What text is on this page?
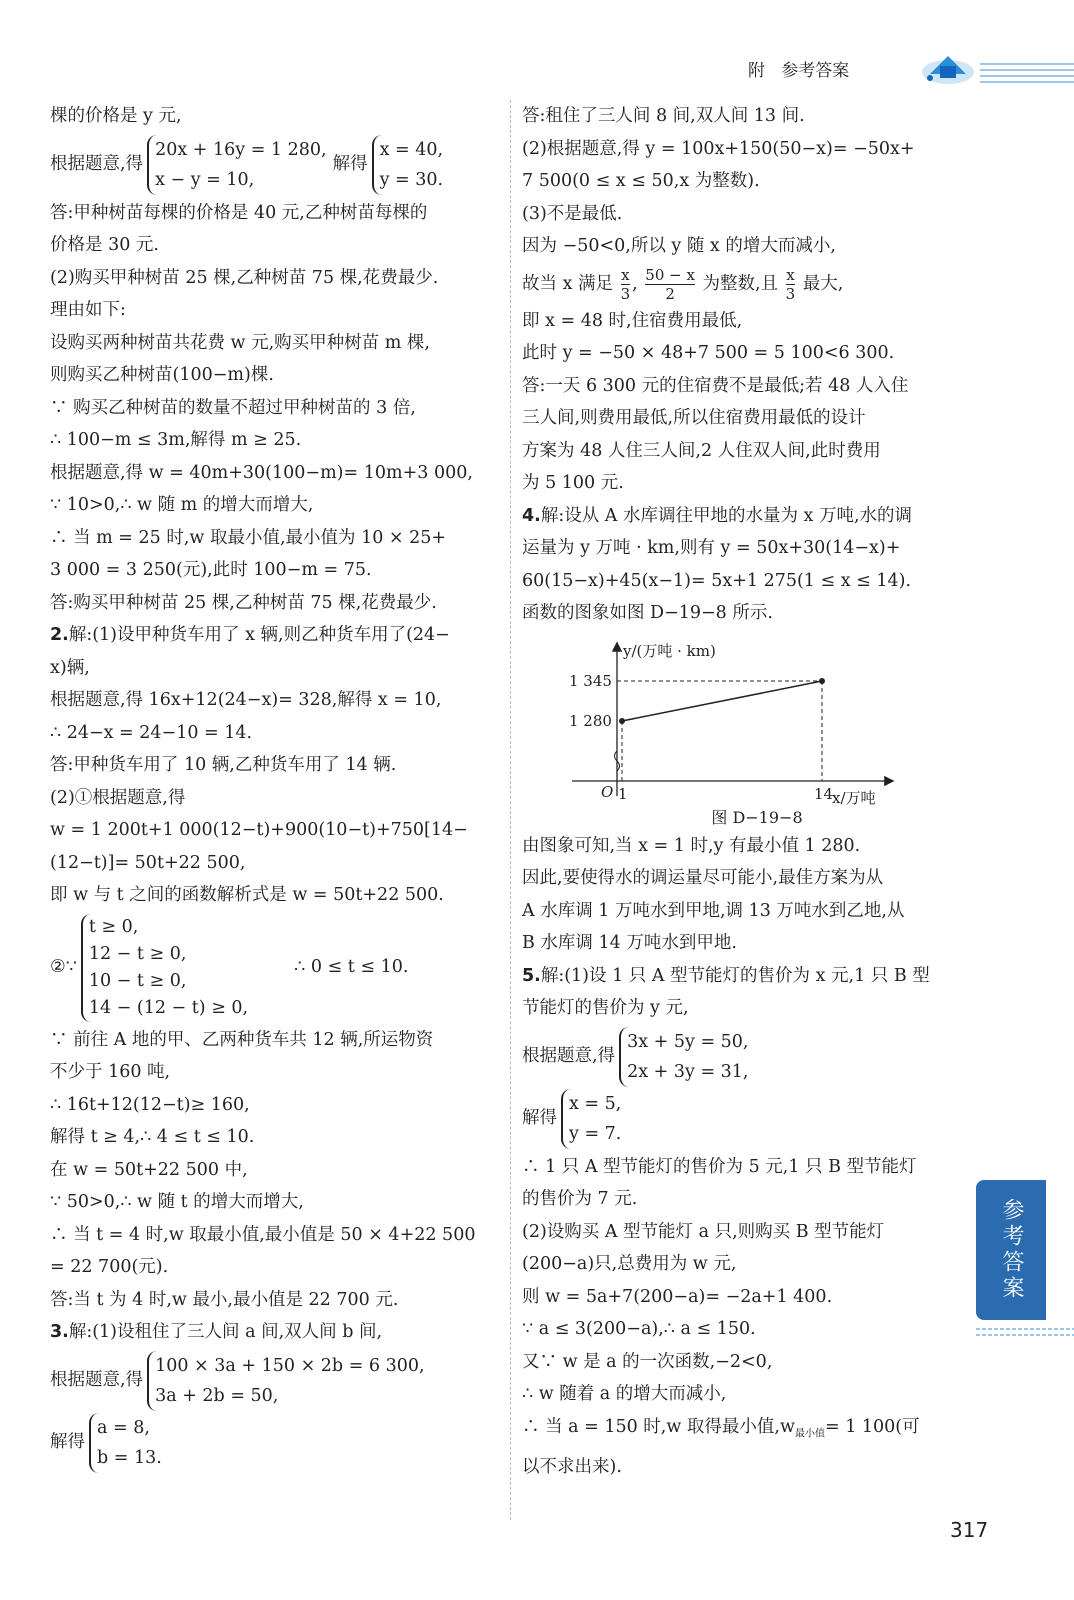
附   参考答案
棵的价格是 y 元,
根据题意,得
20x + 16y = 1 280,
x − y = 10,
解得
x = 40,
y = 30.
答:甲种树苗每棵的价格是 40 元,乙种树苗每棵的
价格是 30 元.
(2)购买甲种树苗 25 棵,乙种树苗 75 棵,花费最少.
理由如下:
设购买两种树苗共花费 w 元,购买甲种树苗 m 棵,
则购买乙种树苗(100−m)棵.
∵ 购买乙种树苗的数量不超过甲种树苗的 3 倍,
∴ 100−m ≤ 3m,解得 m ≥ 25.
根据题意,得 w = 40m+30(100−m)= 10m+3 000,
∵ 10>0,∴ w 随 m 的增大而增大,
∴ 当 m = 25 时,w 取最小值,最小值为 10 × 25+
3 000 = 3 250(元),此时 100−m = 75.
答:购买甲种树苗 25 棵,乙种树苗 75 棵,花费最少.
2.解:(1)设甲种货车用了 x 辆,则乙种货车用了(24−
x)辆,
根据题意,得 16x+12(24−x)= 328,解得 x = 10,
∴ 24−x = 24−10 = 14.
答:甲种货车用了 10 辆,乙种货车用了 14 辆.
(2)①根据题意,得
w = 1 200t+1 000(12−t)+900(10−t)+750[14−
(12−t)]= 50t+22 500,
即 w 与 t 之间的函数解析式是 w = 50t+22 500.
②∵
t ≥ 0,
12 − t ≥ 0,
10 − t ≥ 0,
14 − (12 − t) ≥ 0,
∴ 0 ≤ t ≤ 10.
∵ 前往 A 地的甲、乙两种货车共 12 辆,所运物资
不少于 160 吨,
∴ 16t+12(12−t)≥ 160,
解得 t ≥ 4,∴ 4 ≤ t ≤ 10.
在 w = 50t+22 500 中,
∵ 50>0,∴ w 随 t 的增大而增大,
∴ 当 t = 4 时,w 取最小值,最小值是 50 × 4+22 500
= 22 700(元).
答:当 t 为 4 时,w 最小,最小值是 22 700 元.
3.解:(1)设租住了三人间 a 间,双人间 b 间,
根据题意,得
100 × 3a + 150 × 2b = 6 300,
3a + 2b = 50,
解得
a = 8,
b = 13.
答:租住了三人间 8 间,双人间 13 间.
(2)根据题意,得 y = 100x+150(50−x)= −50x+
7 500(0 ≤ x ≤ 50,x 为整数).
(3)不是最低.
因为 −50<0,所以 y 随 x 的增大而减小,
故当 x 满足 $\frac{x}{3}$ , $\frac{50 - x}{2}$ 为整数,且 $\frac{x}{3}$ 最大,
即 x = 48 时,住宿费用最低,
此时 y = −50 × 48+7 500 = 5 100<6 300.
答:一天 6 300 元的住宿费不是最低;若 48 人入住
三人间,则费用最低,所以住宿费用最低的设计
方案为 48 人住三人间,2 人住双人间,此时费用
为 5 100 元.
4.解:设从 A 水库调往甲地的水量为 x 万吨,水的调
运量为 y 万吨 · km,则有 y = 50x+30(14−x)+
60(15−x)+45(x−1)= 5x+1 275(1 ≤ x ≤ 14).
函数的图象如图 D−19−8 所示.
y/(万吨 · km)
x/万吨
O
1 280
1 345
1	14
图 D−19−8
由图象可知,当 x = 1 时,y 有最小值 1 280.
因此,要使得水的调运量尽可能小,最佳方案为从
A 水库调 1 万吨水到甲地,调 13 万吨水到乙地,从
B 水库调 14 万吨水到甲地.
5.解:(1)设 1 只 A 型节能灯的售价为 x 元,1 只 B 型
节能灯的售价为 y 元,
根据题意,得
3x + 5y = 50,
2x + 3y = 31,
解得
x = 5,
y = 7.
∴ 1 只 A 型节能灯的售价为 5 元,1 只 B 型节能灯
的售价为 7 元.
(2)设购买 A 型节能灯 a 只,则购买 B 型节能灯
(200−a)只,总费用为 w 元,
则 w = 5a+7(200−a)= −2a+1 400.
∵ a ≤ 3(200−a),∴ a ≤ 150.
又∵ w 是 a 的一次函数,−2<0,
∴ w 随着 a 的增大而减小,
∴ 当 a = 150 时,w 取得最小值$,w_{最小值}= 1$ 100(可
以不求出来).
参考答案
317
